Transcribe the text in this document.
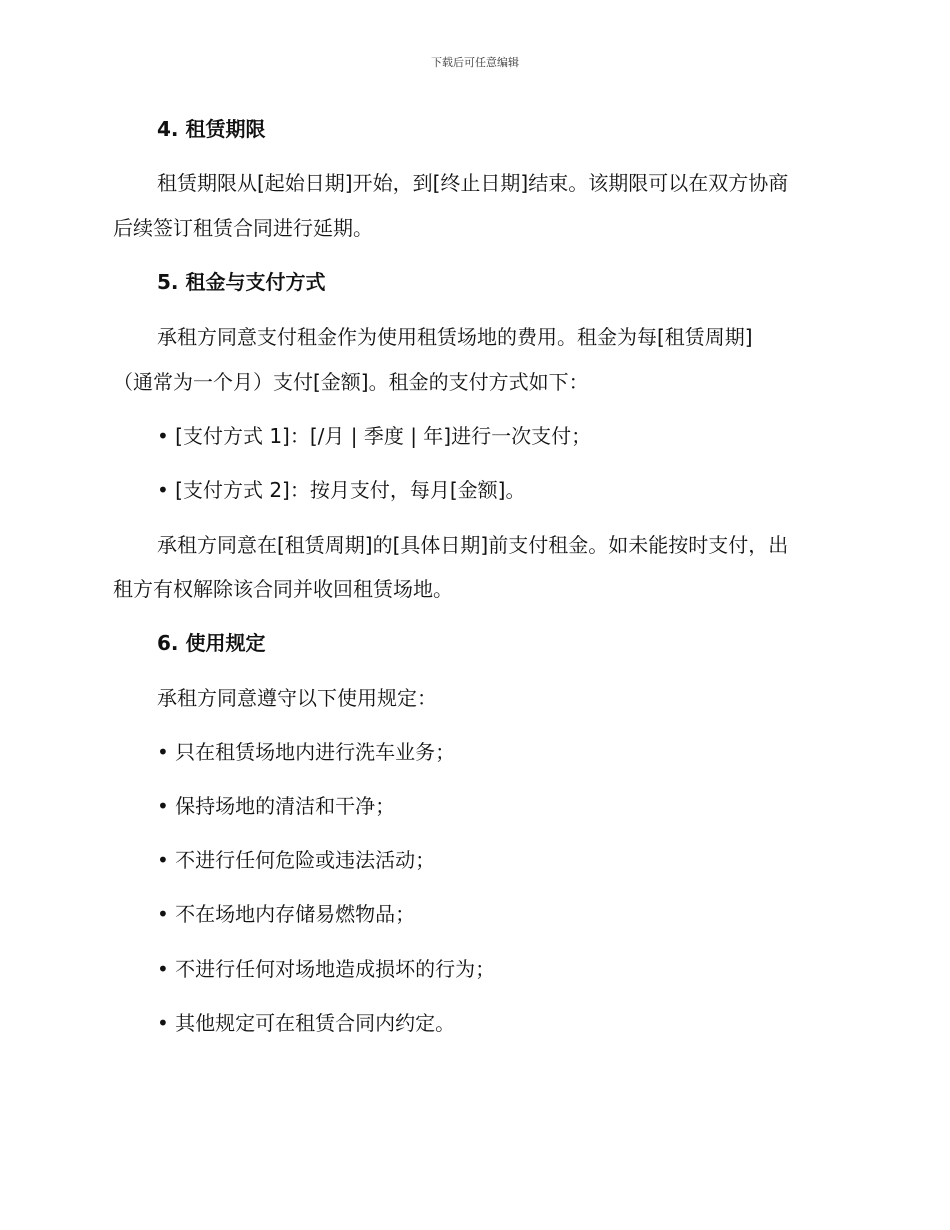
下载后可任意编辑
4. 租赁期限
租赁期限从[起始日期]开始，到[终止日期]结束。该期限可以在双方协商
后续签订租赁合同进行延期。
5. 租金与支付方式
承租方同意支付租金作为使用租赁场地的费用。租金为每[租赁周期]
（通常为一个月）支付[金额]。租金的支付方式如下：
• [支付方式 1]：[/月 | 季度 | 年]进行一次支付；
• [支付方式 2]：按月支付，每月[金额]。
承租方同意在[租赁周期]的[具体日期]前支付租金。如未能按时支付，出
租方有权解除该合同并收回租赁场地。
6. 使用规定
承租方同意遵守以下使用规定：
• 只在租赁场地内进行洗车业务；
• 保持场地的清洁和干净；
• 不进行任何危险或违法活动；
• 不在场地内存储易燃物品；
• 不进行任何对场地造成损坏的行为；
• 其他规定可在租赁合同内约定。
